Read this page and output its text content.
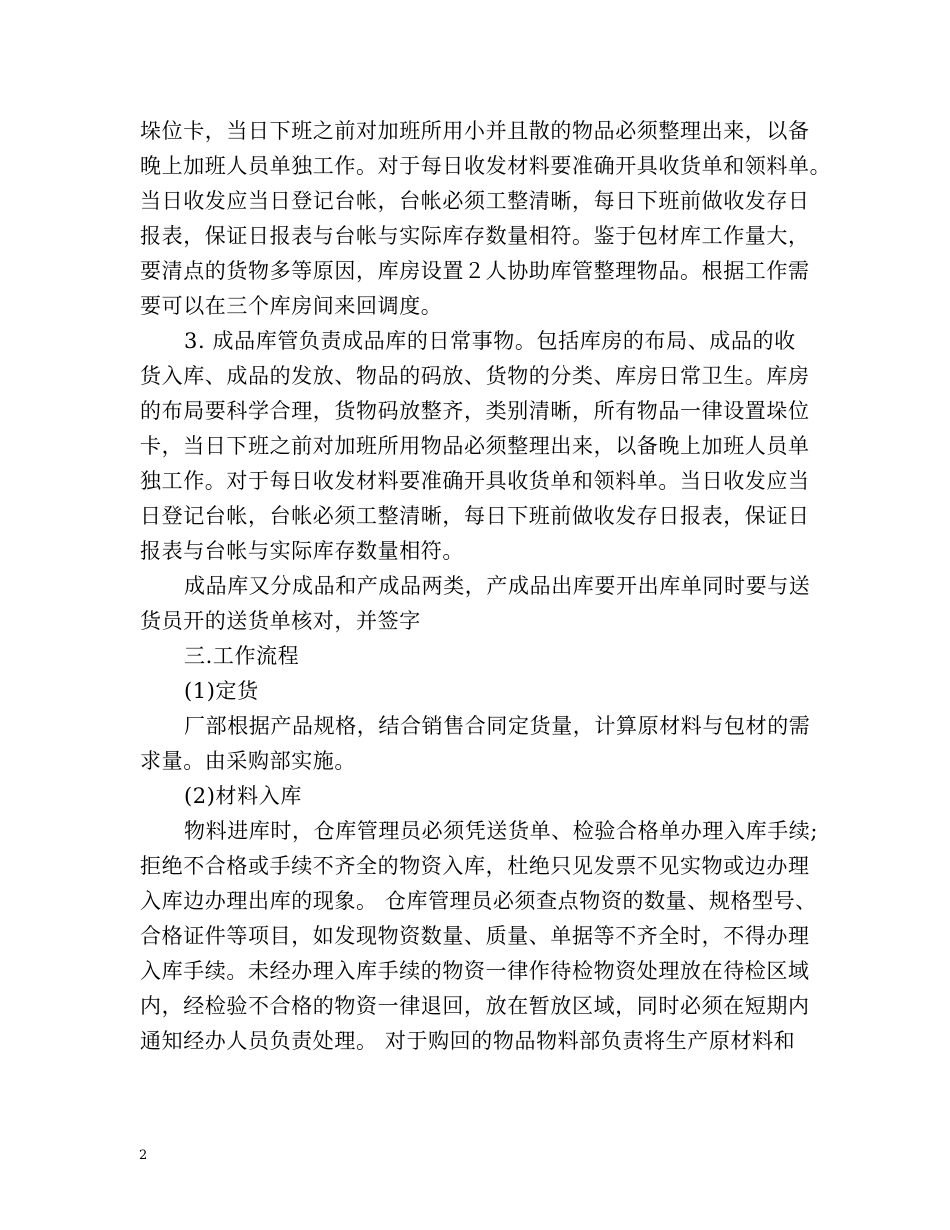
垛位卡，当日下班之前对加班所用小并且散的物品必须整理出来，以备
晚上加班人员单独工作。对于每日收发材料要准确开具收货单和领料单。
当日收发应当日登记台帐，台帐必须工整清晰，每日下班前做收发存日
报表，保证日报表与台帐与实际库存数量相符。鉴于包材库工作量大，
要清点的货物多等原因，库房设置２人协助库管整理物品。根据工作需
要可以在三个库房间来回调度。
3. 成品库管负责成品库的日常事物。包括库房的布局、成品的收
货入库、成品的发放、物品的码放、货物的分类、库房日常卫生。库房
的布局要科学合理，货物码放整齐，类别清晰，所有物品一律设置垛位
卡，当日下班之前对加班所用物品必须整理出来，以备晚上加班人员单
独工作。对于每日收发材料要准确开具收货单和领料单。当日收发应当
日登记台帐，台帐必须工整清晰，每日下班前做收发存日报表，保证日
报表与台帐与实际库存数量相符。
成品库又分成品和产成品两类，产成品出库要开出库单同时要与送
货员开的送货单核对，并签字
三.工作流程
(1)定货
厂部根据产品规格，结合销售合同定货量，计算原材料与包材的需
求量。由采购部实施。
(2)材料入库
物料进库时，仓库管理员必须凭送货单、检验合格单办理入库手续;
拒绝不合格或手续不齐全的物资入库，杜绝只见发票不见实物或边办理
入库边办理出库的现象。 仓库管理员必须查点物资的数量、规格型号、
合格证件等项目，如发现物资数量、质量、单据等不齐全时，不得办理
入库手续。未经办理入库手续的物资一律作待检物资处理放在待检区域
内，经检验不合格的物资一律退回，放在暂放区域，同时必须在短期内
通知经办人员负责处理。 对于购回的物品物料部负责将生产原材料和
2
